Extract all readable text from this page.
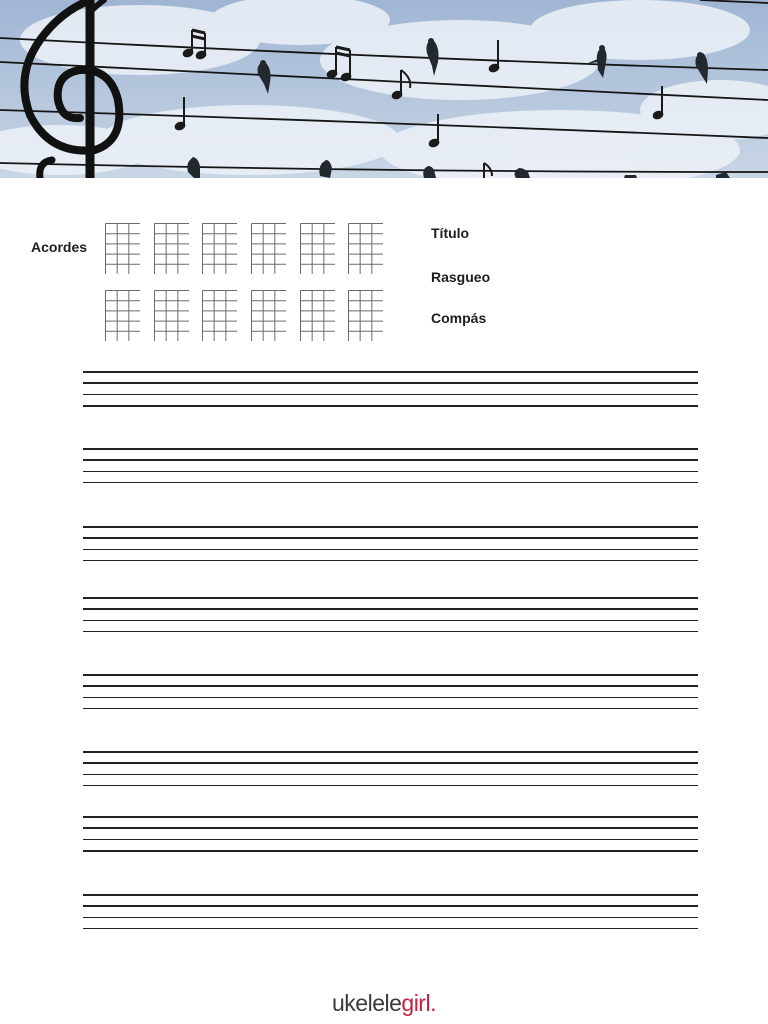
Acordes
Título
Rasgueo
Compás
ukelelegirl.
